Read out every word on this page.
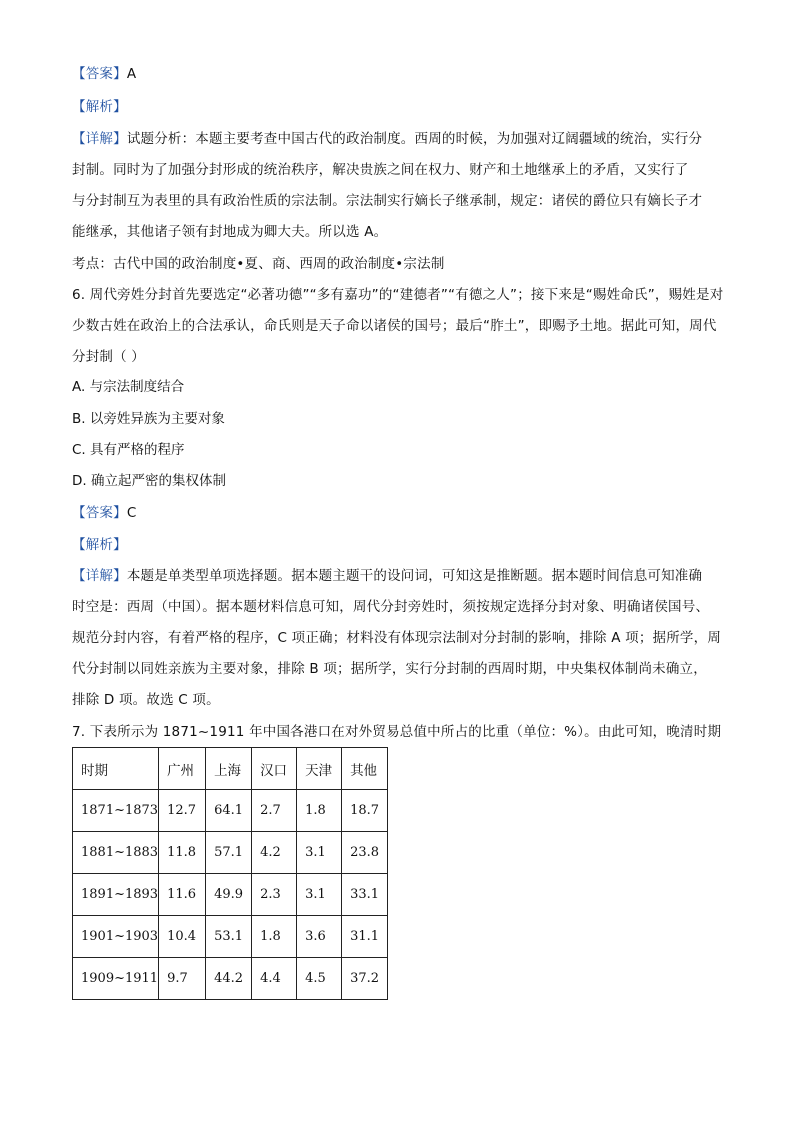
【答案】A
【解析】
【详解】试题分析：本题主要考查中国古代的政治制度。西周的时候，为加强对辽阔疆域的统治，实行分
封制。同时为了加强分封形成的统治秩序，解决贵族之间在权力、财产和土地继承上的矛盾，又实行了
与分封制互为表里的具有政治性质的宗法制。宗法制实行嫡长子继承制，规定：诸侯的爵位只有嫡长子才
能继承，其他诸子领有封地成为卿大夫。所以选 A。
考点：古代中国的政治制度•夏、商、西周的政治制度•宗法制
6. 周代旁姓分封首先要选定“必著功德”“多有嘉功”的“建德者”“有德之人”；接下来是“赐姓命氏”，赐姓是对
少数古姓在政治上的合法承认，命氏则是天子命以诸侯的国号；最后“胙土”，即赐予土地。据此可知，周代
分封制（ ）
A. 与宗法制度结合
B. 以旁姓异族为主要对象
C. 具有严格的程序
D. 确立起严密的集权体制
【答案】C
【解析】
【详解】本题是单类型单项选择题。据本题主题干的设问词，可知这是推断题。据本题时间信息可知准确
时空是：西周（中国）。据本题材料信息可知，周代分封旁姓时，须按规定选择分封对象、明确诸侯国号、
规范分封内容，有着严格的程序，C 项正确；材料没有体现宗法制对分封制的影响，排除 A 项；据所学，周
代分封制以同姓亲族为主要对象，排除 B 项；据所学，实行分封制的西周时期，中央集权体制尚未确立，
排除 D 项。故选 C 项。
7. 下表所示为 1871~1911 年中国各港口在对外贸易总值中所占的比重（单位：%）。由此可知，晚清时期
时期	广州	上海	汉口	天津	其他
1871~1873	12.7	64.1	2.7	1.8	18.7
1881~1883	11.8	57.1	4.2	3.1	23.8
1891~1893	11.6	49.9	2.3	3.1	33.1
1901~1903	10.4	53.1	1.8	3.6	31.1
1909~1911	9.7	44.2	4.4	4.5	37.2
